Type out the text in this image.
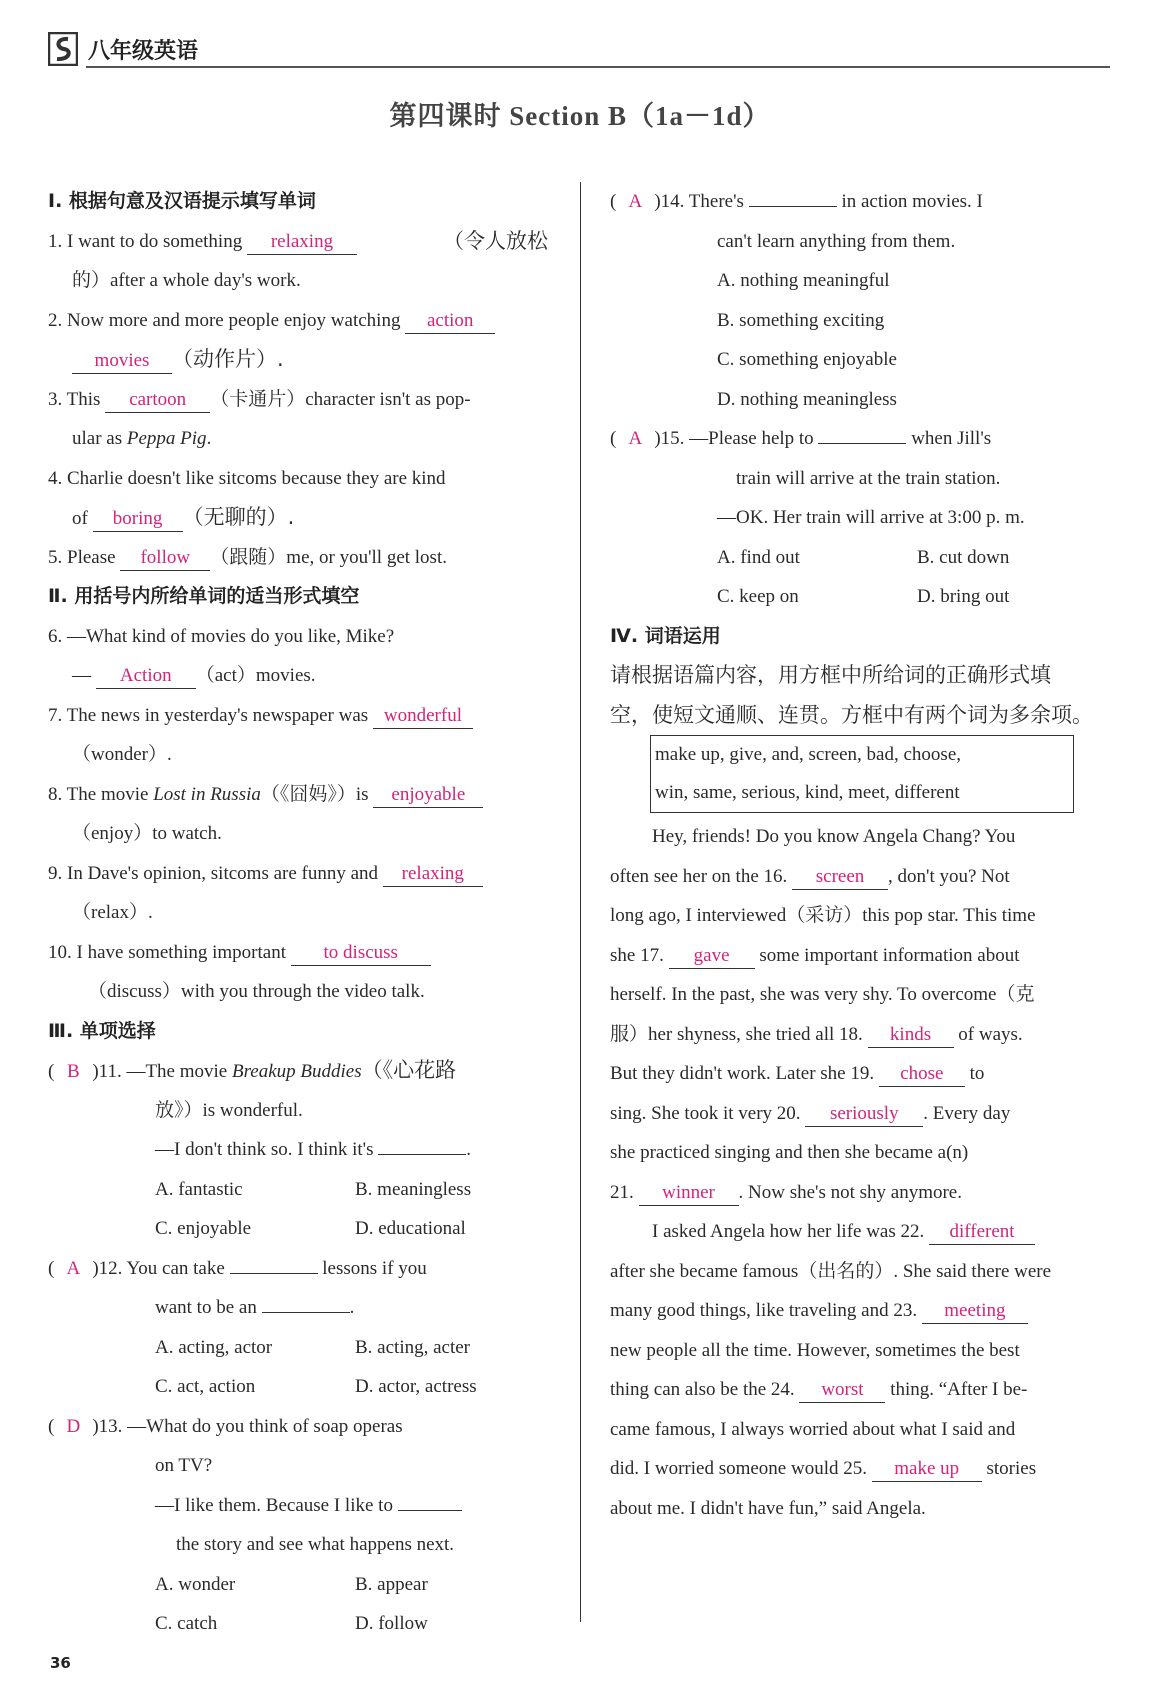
八年级英语
第四课时 Section B（1a－1d）
Ⅰ. 根据句意及汉语提示填写单词
1. I want to do something relaxing	（令人放松
的）after a whole day's work.
2. Now more and more people enjoy watching action
movies （动作片）.
3. This cartoon （卡通片）character isn't as pop-
ular as Peppa Pig.
4. Charlie doesn't like sitcoms because they are kind
of boring （无聊的）.
5. Please follow （跟随）me, or you'll get lost.
Ⅱ. 用括号内所给单词的适当形式填空
6. —What kind of movies do you like, Mike?
— Action （act）movies.
7. The news in yesterday's newspaper was wonderful
（wonder）.
8. The movie Lost in Russia（《囧妈》）is enjoyable
（enjoy）to watch.
9. In Dave's opinion, sitcoms are funny and relaxing
（relax）.
10. I have something important to discuss
（discuss）with you through the video talk.
Ⅲ. 单项选择
( B )11. —The movie Breakup Buddies（《心花路
放》）is wonderful.
—I don't think so. I think it's	.
A. fantastic	B. meaningless
C. enjoyable	D. educational
( A )12. You can take	lessons if you
want to be an	.
A. acting, actor	B. acting, acter
C. act, action	D. actor, actress
( D )13. —What do you think of soap operas
on TV?
—I like them. Because I like to
the story and see what happens next.
A. wonder	B. appear
C. catch	D. follow
( A )14. There's	in action movies. I
can't learn anything from them.
A. nothing meaningful
B. something exciting
C. something enjoyable
D. nothing meaningless
( A )15. —Please help to	when Jill's
train will arrive at the train station.
—OK. Her train will arrive at 3:00 p. m.
A. find out	B. cut down
C. keep on	D. bring out
Ⅳ. 词语运用
请根据语篇内容，用方框中所给词的正确形式填
空，使短文通顺、连贯。方框中有两个词为多余项。
make up, give, and, screen, bad, choose,
win, same, serious, kind, meet, different
Hey, friends! Do you know Angela Chang? You
often see her on the 16. screen , don't you? Not
long ago, I interviewed（采访）this pop star. This time
she 17. gave some important information about
herself. In the past, she was very shy. To overcome（克
服）her shyness, she tried all 18. kinds of ways.
But they didn't work. Later she 19. chose to
sing. She took it very 20. seriously . Every day
she practiced singing and then she became a(n)
21. winner . Now she's not shy anymore.
I asked Angela how her life was 22. different
after she became famous（出名的）. She said there were
many good things, like traveling and 23. meeting
new people all the time. However, sometimes the best
thing can also be the 24. worst thing. “After I be-
came famous, I always worried about what I said and
did. I worried someone would 25. make up stories
about me. I didn't have fun,” said Angela.
36
